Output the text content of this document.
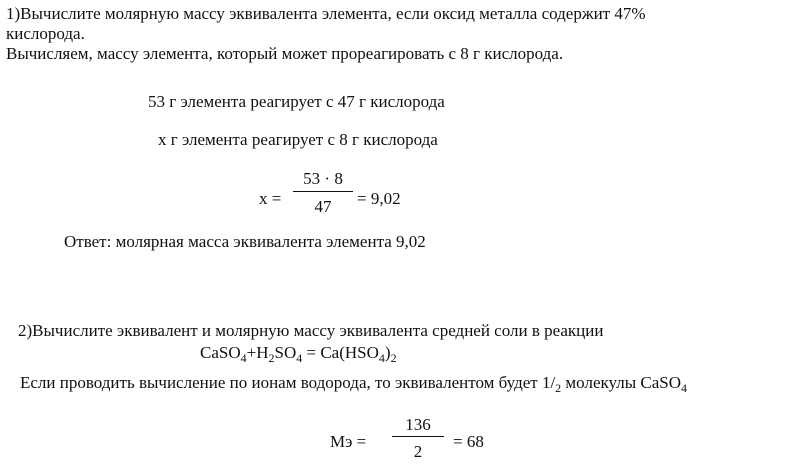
1)Вычислите молярную массу эквивалента элемента, если оксид металла содержит 47%
кислорода.
Вычисляем, массу элемента, который может прореагировать с 8 г кислорода.
53 г элемента реагирует с 47 г кислорода
x г элемента реагирует с 8 г кислорода
x =
53 · 8
47	= 9,02
Ответ: молярная масса эквивалента элемента 9,02
2)Вычислите эквивалент и молярную массу эквивалента средней соли в реакции
$CaSO_4+H_2SO_4 = Ca(HSO_4)_2$
Если проводить вычисление по ионам водорода, то эквивалентом будет $1/_2$ молекулы CaSO$_4$
Мэ =
136
2
= 68
